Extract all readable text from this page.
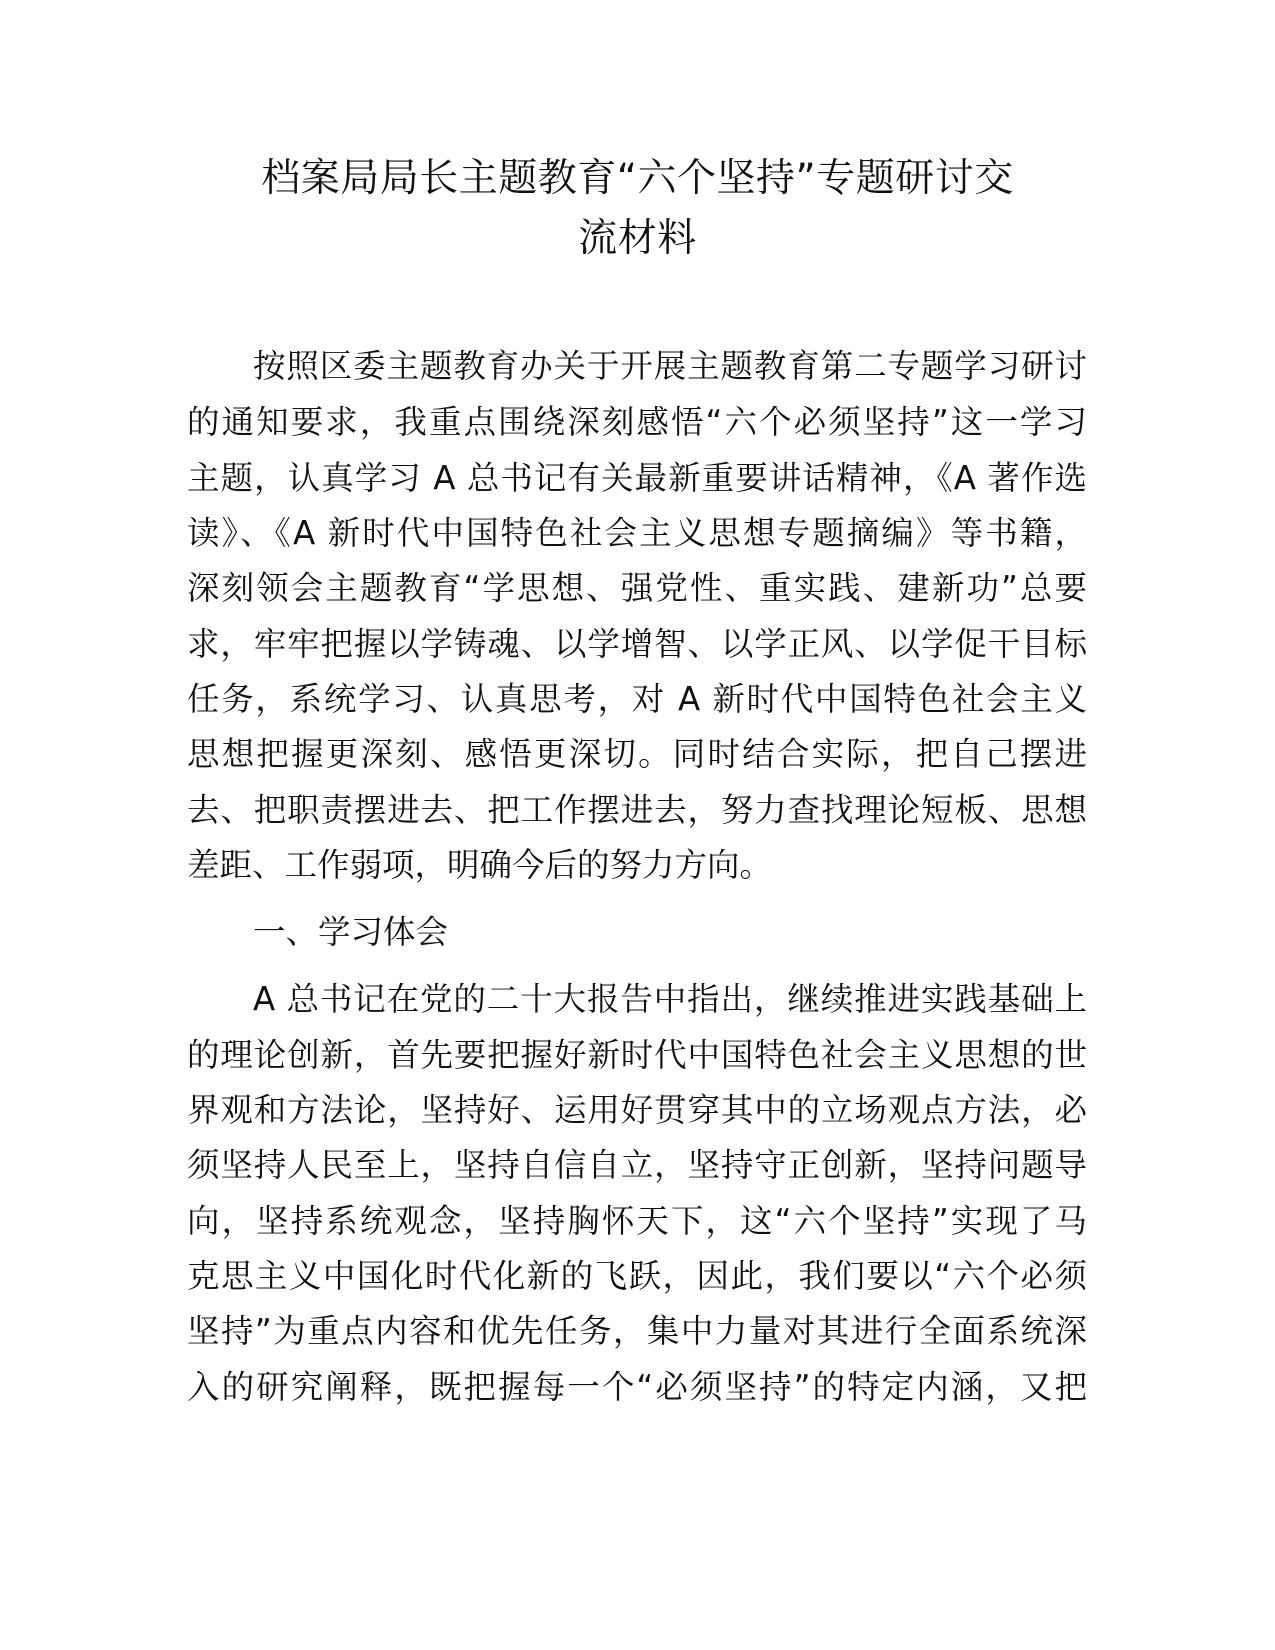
档案局局长主题教育“六个坚持”专题研讨交
流材料
按照区委主题教育办关于开展主题教育第二专题学习研讨
的通知要求，我重点围绕深刻感悟“六个必须坚持”这一学习
主题，认真学习 A 总书记有关最新重要讲话精神，《A 著作选
读》、《A 新时代中国特色社会主义思想专题摘编》等书籍，
深刻领会主题教育“学思想、强党性、重实践、建新功”总要
求，牢牢把握以学铸魂、以学增智、以学正风、以学促干目标
任务，系统学习、认真思考，对 A 新时代中国特色社会主义
思想把握更深刻、感悟更深切。同时结合实际，把自己摆进
去、把职责摆进去、把工作摆进去，努力查找理论短板、思想
差距、工作弱项，明确今后的努力方向。
一、学习体会
A 总书记在党的二十大报告中指出，继续推进实践基础上
的理论创新，首先要把握好新时代中国特色社会主义思想的世
界观和方法论，坚持好、运用好贯穿其中的立场观点方法，必
须坚持人民至上，坚持自信自立，坚持守正创新，坚持问题导
向，坚持系统观念，坚持胸怀天下，这“六个坚持”实现了马
克思主义中国化时代化新的飞跃，因此，我们要以“六个必须
坚持”为重点内容和优先任务，集中力量对其进行全面系统深
入的研究阐释，既把握每一个“必须坚持”的特定内涵，又把
